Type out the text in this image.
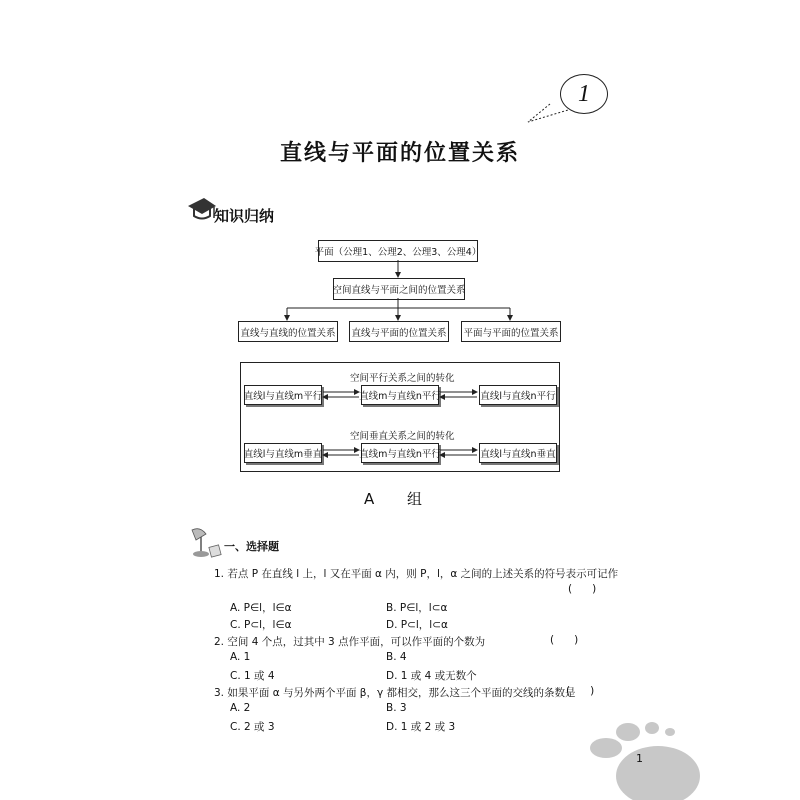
1
直线与平面的位置关系
知识归纳
平面（公理1、公理2、公理3、公理4）
空间直线与平面之间的位置关系
直线与直线的位置关系 直线与平面的位置关系 平面与平面的位置关系
空间平行关系之间的转化
直线l与直线m平行	直线m与直线n平行	直线l与直线n平行
空间垂直关系之间的转化
直线l与直线m垂直	直线m与直线n平行	直线l与直线n垂直
A 组
一、选择题
1. 若点 P 在直线 l 上，l 又在平面 α 内，则 P，l，α 之间的上述关系的符号表示可记作
(      )
A. P∈l，l∈α	B. P∈l，l⊂α
C. P⊂l，l∈α	D. P⊂l，l⊂α
2. 空间 4 个点，过其中 3 点作平面，可以作平面的个数为	(      )
A. 1	B. 4
C. 1 或 4	D. 1 或 4 或无数个
3. 如果平面 α 与另外两个平面 β，γ 都相交，那么这三个平面的交线的条数是
(      )
A. 2	B. 3
C. 2 或 3	D. 1 或 2 或 3
1
